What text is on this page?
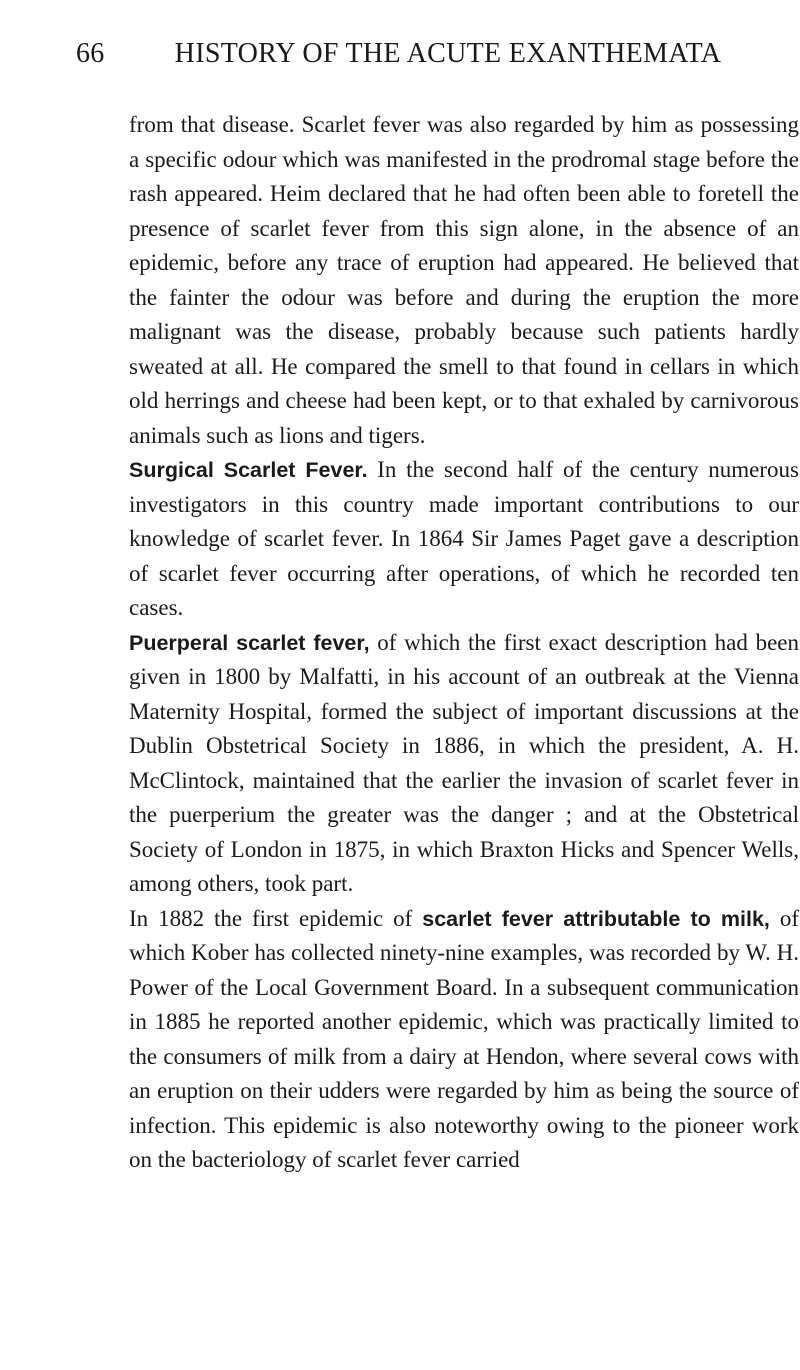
66	HISTORY OF THE ACUTE EXANTHEMATA

from that disease. Scarlet fever was also regarded by him as possessing a specific odour which was manifested in the prodromal stage before the rash appeared. Heim declared that he had often been able to foretell the presence of scarlet fever from this sign alone, in the absence of an epidemic, before any trace of eruption had appeared. He believed that the fainter the odour was before and during the eruption the more malignant was the disease, probably because such patients hardly sweated at all. He compared the smell to that found in cellars in which old herrings and cheese had been kept, or to that exhaled by carnivorous animals such as lions and tigers.

Surgical Scarlet Fever. In the second half of the century numerous investigators in this country made important contributions to our knowledge of scarlet fever. In 1864 Sir James Paget gave a description of scarlet fever occurring after operations, of which he recorded ten cases.

Puerperal scarlet fever, of which the first exact description had been given in 1800 by Malfatti, in his account of an outbreak at the Vienna Maternity Hospital, formed the subject of important discussions at the Dublin Obstetrical Society in 1886, in which the president, A. H. McClintock, maintained that the earlier the invasion of scarlet fever in the puerperium the greater was the danger ; and at the Obstetrical Society of London in 1875, in which Braxton Hicks and Spencer Wells, among others, took part.

In 1882 the first epidemic of scarlet fever attributable to milk, of which Kober has collected ninety-nine examples, was recorded by W. H. Power of the Local Government Board. In a subsequent communication in 1885 he reported another epidemic, which was practically limited to the consumers of milk from a dairy at Hendon, where several cows with an eruption on their udders were regarded by him as being the source of infection. This epidemic is also noteworthy owing to the pioneer work on the bacteriology of scarlet fever carried
